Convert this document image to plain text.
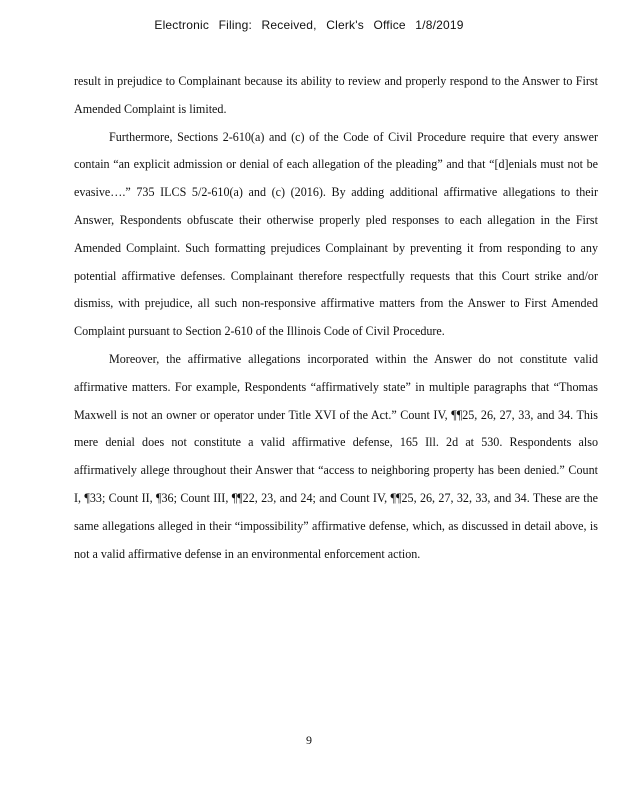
Electronic Filing: Received, Clerk's Office 1/8/2019

result in prejudice to Complainant because its ability to review and properly respond to the Answer to First Amended Complaint is limited.

Furthermore, Sections 2-610(a) and (c) of the Code of Civil Procedure require that every answer contain “an explicit admission or denial of each allegation of the pleading” and that “[d]enials must not be evasive….” 735 ILCS 5/2-610(a) and (c) (2016). By adding additional affirmative allegations to their Answer, Respondents obfuscate their otherwise properly pled responses to each allegation in the First Amended Complaint. Such formatting prejudices Complainant by preventing it from responding to any potential affirmative defenses. Complainant therefore respectfully requests that this Court strike and/or dismiss, with prejudice, all such non-responsive affirmative matters from the Answer to First Amended Complaint pursuant to Section 2-610 of the Illinois Code of Civil Procedure.

Moreover, the affirmative allegations incorporated within the Answer do not constitute valid affirmative matters. For example, Respondents “affirmatively state” in multiple paragraphs that “Thomas Maxwell is not an owner or operator under Title XVI of the Act.” Count IV, ¶¶25, 26, 27, 33, and 34. This mere denial does not constitute a valid affirmative defense, 165 Ill. 2d at 530. Respondents also affirmatively allege throughout their Answer that “access to neighboring property has been denied.” Count I, ¶33; Count II, ¶36; Count III, ¶¶22, 23, and 24; and Count IV, ¶¶25, 26, 27, 32, 33, and 34. These are the same allegations alleged in their “impossibility” affirmative defense, which, as discussed in detail above, is not a valid affirmative defense in an environmental enforcement action.

9
